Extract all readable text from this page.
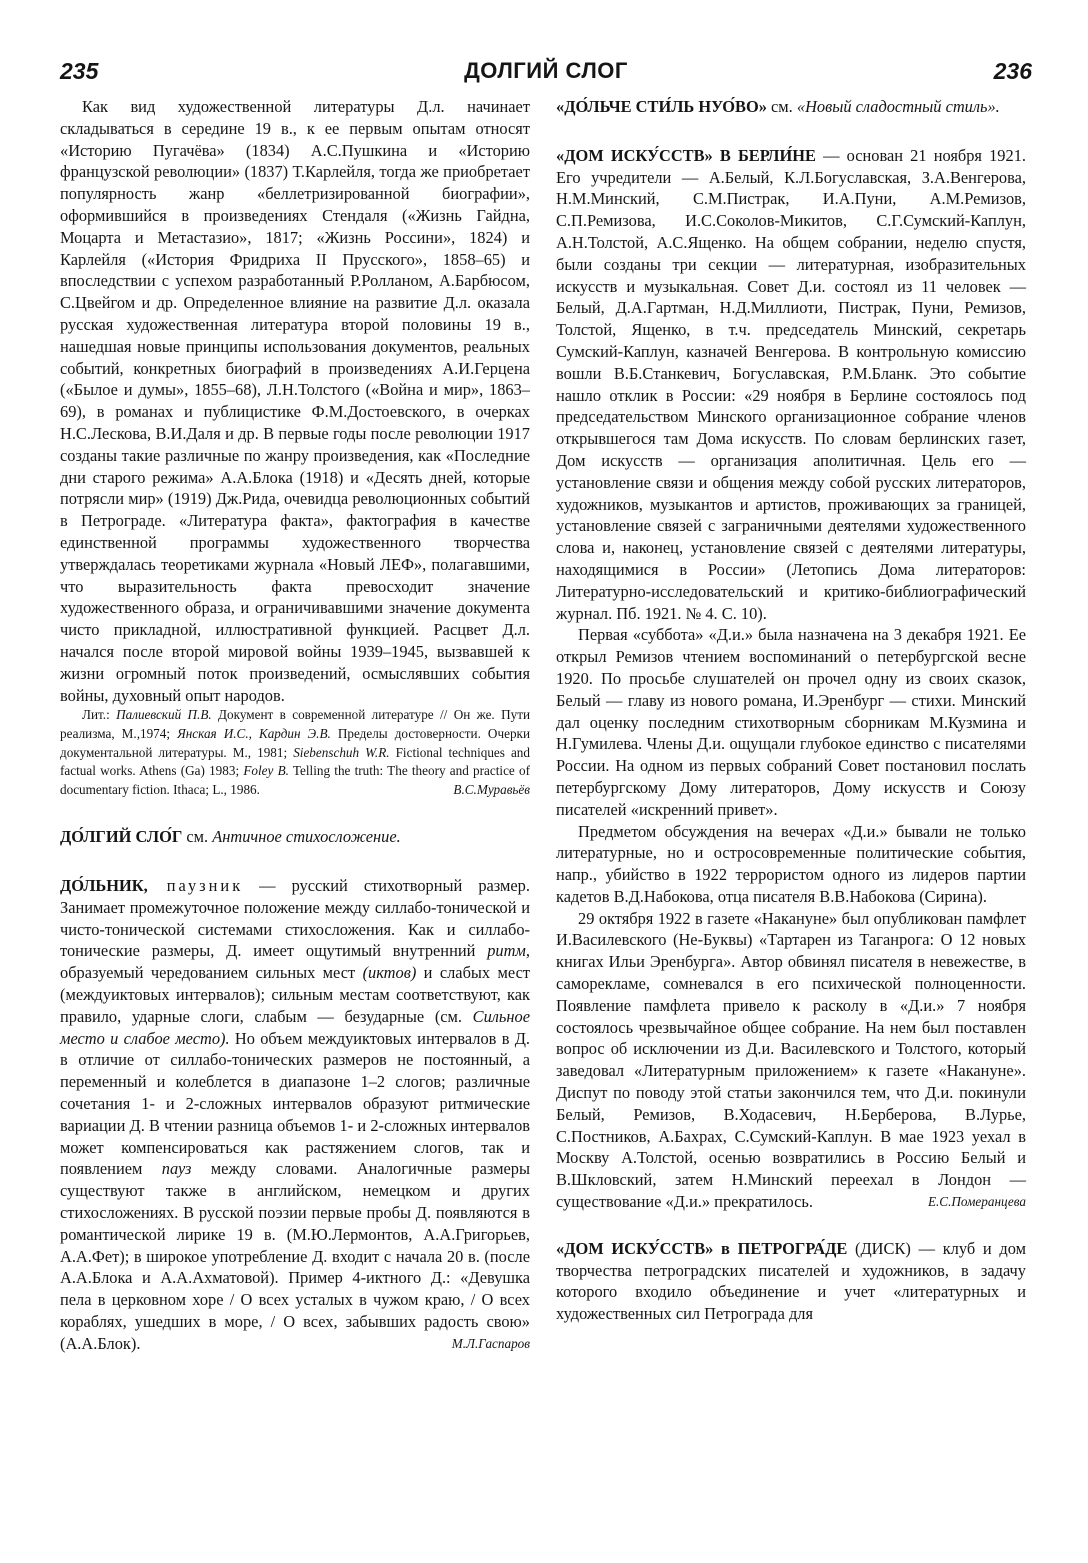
235	ДОЛГИЙ СЛОГ	236

Как вид художественной литературы Д.л. начинает складываться в середине 19 в., к ее первым опытам относят «Историю Пугачёва» (1834) А.С.Пушкина и «Историю французской революции» (1837) Т.Карлейля, тогда же приобретает популярность жанр «беллетризированной биографии», оформившийся в произведениях Стендаля («Жизнь Гайдна, Моцарта и Метастазио», 1817; «Жизнь Россини», 1824) и Карлейля («История Фридриха II Прусского», 1858–65) и впоследствии с успехом разработанный Р.Ролланом, А.Барбюсом, С.Цвейгом и др. Определенное влияние на развитие Д.л. оказала русская художественная литература второй половины 19 в., нашедшая новые принципы использования документов, реальных событий, конкретных биографий в произведениях А.И.Герцена («Былое и думы», 1855–68), Л.Н.Толстого («Война и мир», 1863–69), в романах и публицистике Ф.М.Достоевского, в очерках Н.С.Лескова, В.И.Даля и др. В первые годы после революции 1917 созданы такие различные по жанру произведения, как «Последние дни старого режима» А.А.Блока (1918) и «Десять дней, которые потрясли мир» (1919) Дж.Рида, очевидца революционных событий в Петрограде. «Литература факта», фактография в качестве единственной программы художественного творчества утверждалась теоретиками журнала «Новый ЛЕФ», полагавшими, что выразительность факта превосходит значение художественного образа, и ограничивавшими значение документа чисто прикладной, иллюстративной функцией. Расцвет Д.л. начался после второй мировой войны 1939–1945, вызвавшей к жизни огромный поток произведений, осмыслявших события войны, духовный опыт народов.

Лит.: Палиевский П.В. Документ в современной литературе // Он же. Пути реализма, М.,1974; Янская И.С., Кардин Э.В. Пределы достоверности. Очерки документальной литературы. М., 1981; Siebenschuh W.R. Fictional techniques and factual works. Athens (Ga) 1983; Foley B. Telling the truth: The theory and practice of documentary fiction. Ithaca; L., 1986.	В.С.Муравьёв

ДО́ЛГИЙ СЛО́Г см. Античное стихосложение.

ДО́ЛЬНИК, паузник — русский стихотворный размер. Занимает промежуточное положение между силлабо-тонической и чисто-тонической системами стихосложения. Как и силлабо-тонические размеры, Д. имеет ощутимый внутренний ритм, образуемый чередованием сильных мест (иктов) и слабых мест (междуиктовых интервалов); сильным местам соответствуют, как правило, ударные слоги, слабым — безударные (см. Сильное место и слабое место). Но объем междуиктовых интервалов в Д. в отличие от силлабо-тонических размеров не постоянный, а переменный и колеблется в диапазоне 1–2 слогов; различные сочетания 1- и 2-сложных интервалов образуют ритмические вариации Д. В чтении разница объемов 1- и 2-сложных интервалов может компенсироваться как растяжением слогов, так и появлением пауз между словами. Аналогичные размеры существуют также в английском, немецком и других стихосложениях. В русской поэзии первые пробы Д. появляются в романтической лирике 19 в. (М.Ю.Лермонтов, А.А.Григорьев, А.А.Фет); в широкое употребление Д. входит с начала 20 в. (после А.А.Блока и А.А.Ахматовой). Пример 4-иктного Д.: «Девушка пела в церковном хоре / О всех усталых в чужом краю, / О всех кораблях, ушедших в море, / О всех, забывших радость свою» (А.А.Блок).	М.Л.Гаспаров

«ДО́ЛЬЧЕ СТИ́ЛЬ НУО́ВО» см. «Новый сладостный стиль».

«ДОМ ИСКУ́ССТВ» В БЕРЛИ́НЕ — основан 21 ноября 1921. Его учредители — А.Белый, К.Л.Богуславская, З.А.Венгерова, Н.М.Минский, С.М.Пистрак, И.А.Пуни, А.М.Ремизов, С.П.Ремизова, И.С.Соколов-Микитов, С.Г.Сумский-Каплун, А.Н.Толстой, А.С.Ященко. На общем собрании, неделю спустя, были созданы три секции — литературная, изобразительных искусств и музыкальная. Совет Д.и. состоял из 11 человек — Белый, Д.А.Гартман, Н.Д.Миллиоти, Пистрак, Пуни, Ремизов, Толстой, Ященко, в т.ч. председатель Минский, секретарь Сумский-Каплун, казначей Венгерова. В контрольную комиссию вошли В.Б.Станкевич, Богуславская, Р.М.Бланк. Это событие нашло отклик в России: «29 ноября в Берлине состоялось под председательством Минского организационное собрание членов открывшегося там Дома искусств. По словам берлинских газет, Дом искусств — организация аполитичная. Цель его — установление связи и общения между собой русских литераторов, художников, музыкантов и артистов, проживающих за границей, установление связей с заграничными деятелями художественного слова и, наконец, установление связей с деятелями литературы, находящимися в России» (Летопись Дома литераторов: Литературно-исследовательский и критико-библиографический журнал. Пб. 1921. № 4. С. 10).

Первая «суббота» «Д.и.» была назначена на 3 декабря 1921. Ее открыл Ремизов чтением воспоминаний о петербургской весне 1920. По просьбе слушателей он прочел одну из своих сказок, Белый — главу из нового романа, И.Эренбург — стихи. Минский дал оценку последним стихотворным сборникам М.Кузмина и Н.Гумилева. Члены Д.и. ощущали глубокое единство с писателями России. На одном из первых собраний Совет постановил послать петербургскому Дому литераторов, Дому искусств и Союзу писателей «искренний привет».

Предметом обсуждения на вечерах «Д.и.» бывали не только литературные, но и остросовременные политические события, напр., убийство в 1922 террористом одного из лидеров партии кадетов В.Д.Набокова, отца писателя В.В.Набокова (Сирина).

29 октября 1922 в газете «Накануне» был опубликован памфлет И.Василевского (Не-Буквы) «Тартарен из Таганрога: О 12 новых книгах Ильи Эренбурга». Автор обвинял писателя в невежестве, в саморекламе, сомневался в его психической полноценности. Появление памфлета привело к расколу в «Д.и.» 7 ноября состоялось чрезвычайное общее собрание. На нем был поставлен вопрос об исключении из Д.и. Василевского и Толстого, который заведовал «Литературным приложением» к газете «Накануне». Диспут по поводу этой статьи закончился тем, что Д.и. покинули Белый, Ремизов, В.Ходасевич, Н.Берберова, В.Лурье, С.Постников, А.Бахрах, С.Сумский-Каплун. В мае 1923 уехал в Москву А.Толстой, осенью возвратились в Россию Белый и В.Шкловский, затем Н.Минский переехал в Лондон — существование «Д.и.» прекратилось.	Е.С.Померанцева

«ДОМ ИСКУ́ССТВ» в ПЕТРОГРА́ДЕ (ДИСК) — клуб и дом творчества петроградских писателей и художников, в задачу которого входило объединение и учет «литературных и художественных сил Петрограда для
